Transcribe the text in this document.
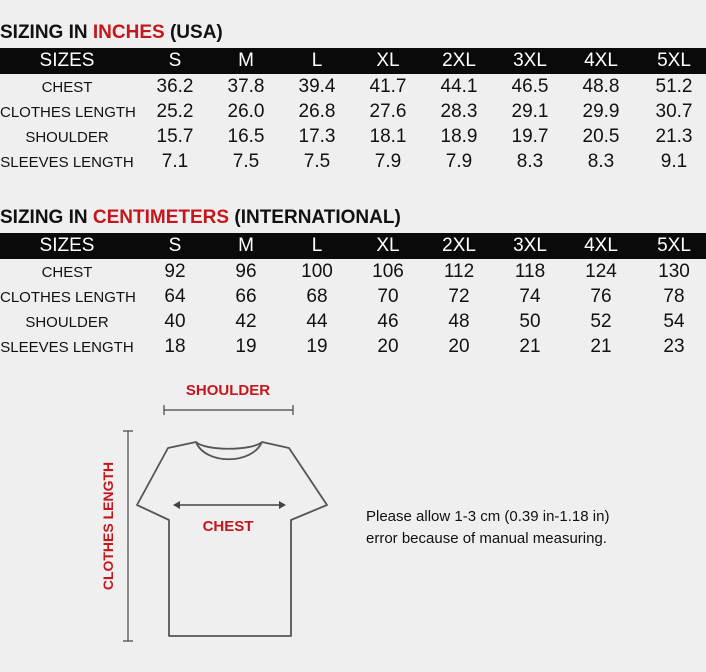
SIZING IN INCHES (USA)
SIZES	S	M	L	XL	2XL	3XL	4XL	5XL
CHEST	36.2	37.8	39.4	41.7	44.1	46.5	48.8	51.2
CLOTHES LENGTH	25.2	26.0	26.8	27.6	28.3	29.1	29.9	30.7
SHOULDER	15.7	16.5	17.3	18.1	18.9	19.7	20.5	21.3
SLEEVES LENGTH	7.1	7.5	7.5	7.9	7.9	8.3	8.3	9.1
SIZING IN CENTIMETERS (INTERNATIONAL)
SIZES	S	M	L	XL	2XL	3XL	4XL	5XL
CHEST	92	96	100	106	112	118	124	130
CLOTHES LENGTH	64	66	68	70	72	74	76	78
SHOULDER	40	42	44	46	48	50	52	54
SLEEVES LENGTH	18	19	19	20	20	21	21	23
SHOULDER
CLOTHES LENGTH	CHEST
Please allow 1-3 cm (0.39 in-1.18 in)
error because of manual measuring.
